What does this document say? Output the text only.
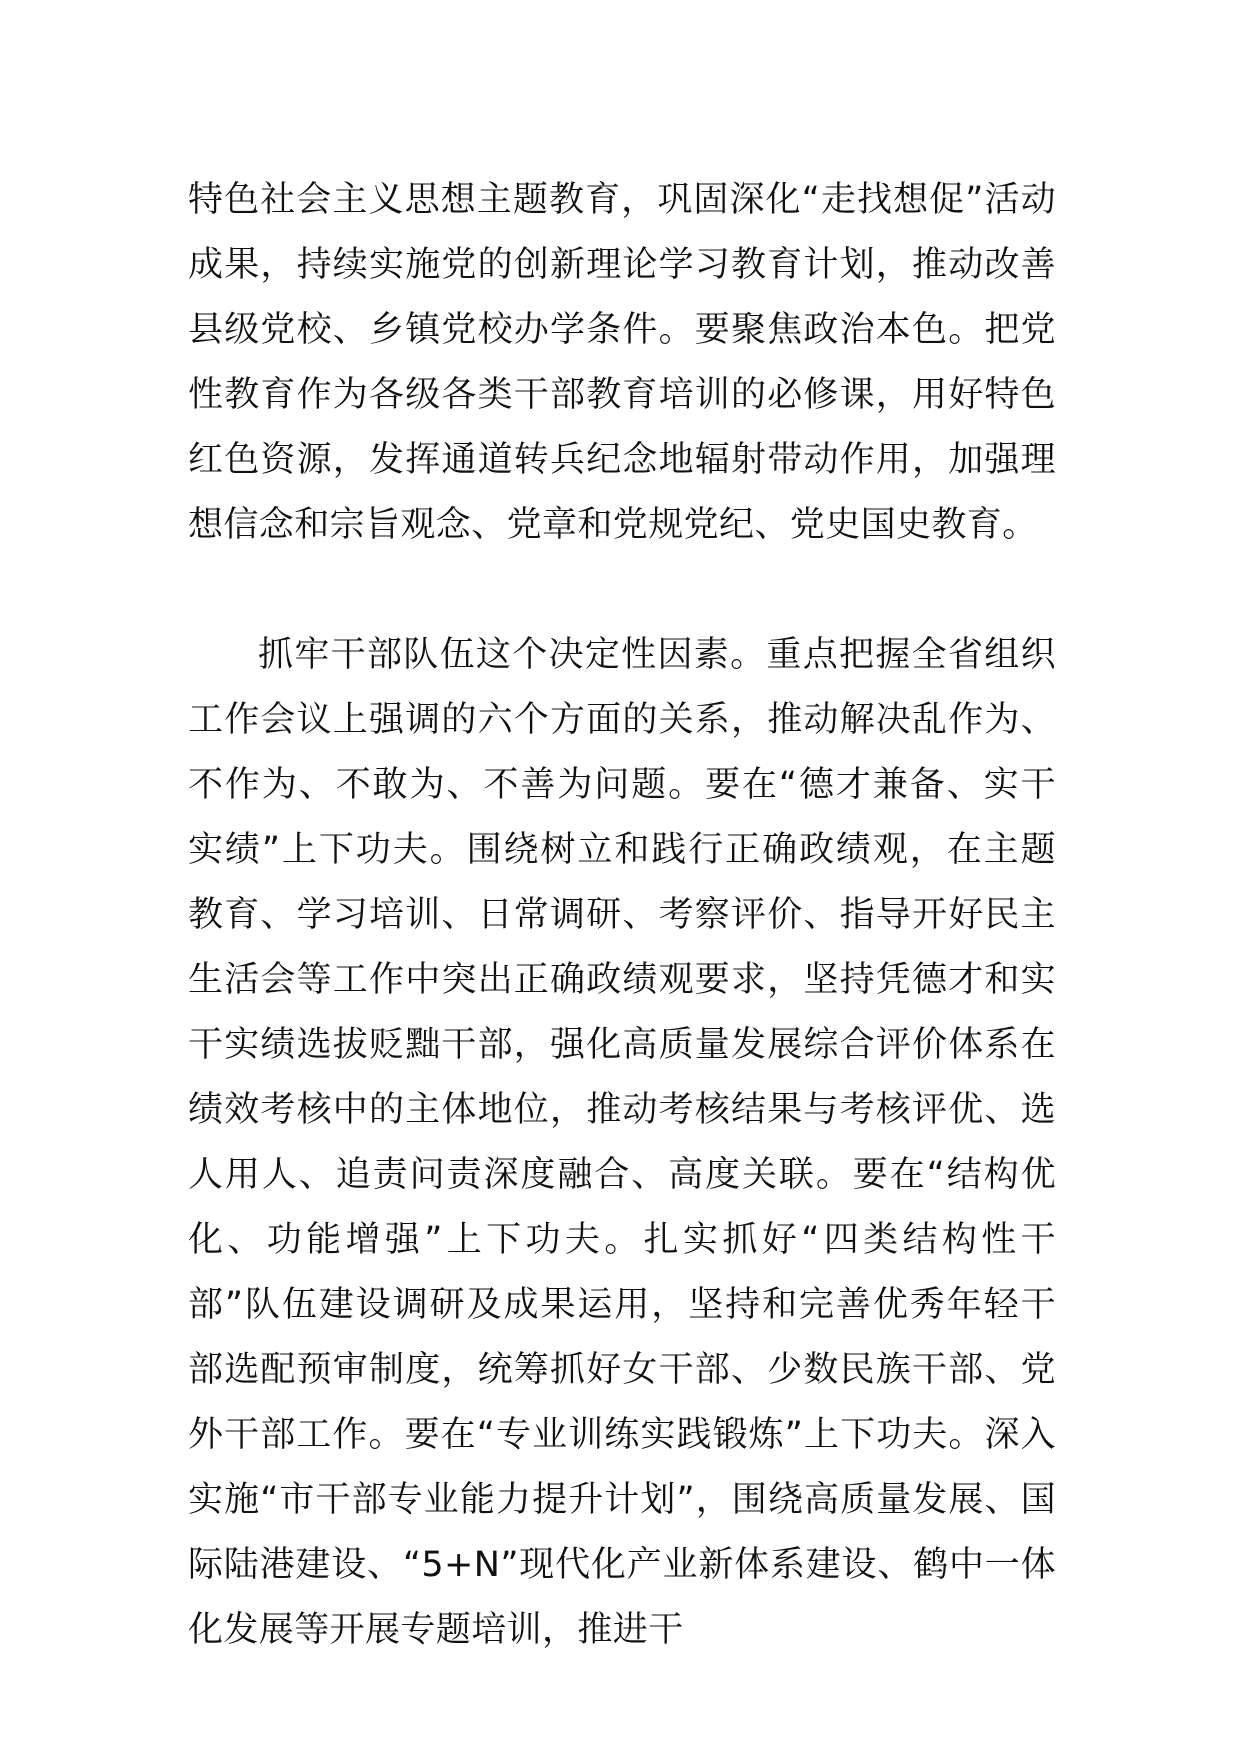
特色社会主义思想主题教育，巩固深化“走找想促”活动成果，持续实施党的创新理论学习教育计划，推动改善县级党校、乡镇党校办学条件。要聚焦政治本色。把党性教育作为各级各类干部教育培训的必修课，用好特色红色资源，发挥通道转兵纪念地辐射带动作用，加强理想信念和宗旨观念、党章和党规党纪、党史国史教育。

抓牢干部队伍这个决定性因素。重点把握全省组织工作会议上强调的六个方面的关系，推动解决乱作为、不作为、不敢为、不善为问题。要在“德才兼备、实干实绩”上下功夫。围绕树立和践行正确政绩观，在主题教育、学习培训、日常调研、考察评价、指导开好民主生活会等工作中突出正确政绩观要求，坚持凭德才和实干实绩选拔贬黜干部，强化高质量发展综合评价体系在绩效考核中的主体地位，推动考核结果与考核评优、选人用人、追责问责深度融合、高度关联。要在“结构优化、功能增强”上下功夫。扎实抓好“四类结构性干部”队伍建设调研及成果运用，坚持和完善优秀年轻干部选配预审制度，统筹抓好女干部、少数民族干部、党外干部工作。要在“专业训练实践锻炼”上下功夫。深入实施“市干部专业能力提升计划”，围绕高质量发展、国际陆港建设、“5+N”现代化产业新体系建设、鹤中一体化发展等开展专题培训，推进干
